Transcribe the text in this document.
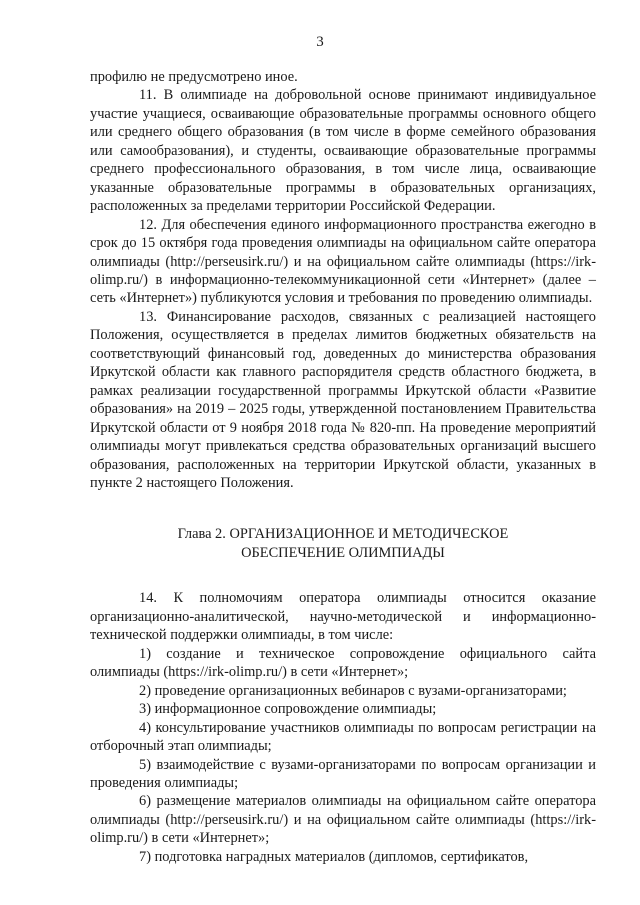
3

профилю не предусмотрено иное.

11. В олимпиаде на добровольной основе принимают индивидуальное участие учащиеся, осваивающие образовательные программы основного общего или среднего общего образования (в том числе в форме семейного образования или самообразования), и студенты, осваивающие образовательные программы среднего профессионального образования, в том числе лица, осваивающие указанные образовательные программы в образовательных организациях, расположенных за пределами территории Российской Федерации.

12. Для обеспечения единого информационного пространства ежегодно в срок до 15 октября года проведения олимпиады на официальном сайте оператора олимпиады (http://perseusirk.ru/) и на официальном сайте олимпиады (https://irk-olimp.ru/) в информационно-телекоммуникационной сети «Интернет» (далее – сеть «Интернет») публикуются условия и требования по проведению олимпиады.

13. Финансирование расходов, связанных с реализацией настоящего Положения, осуществляется в пределах лимитов бюджетных обязательств на соответствующий финансовый год, доведенных до министерства образования Иркутской области как главного распорядителя средств областного бюджета, в рамках реализации государственной программы Иркутской области «Развитие образования» на 2019 – 2025 годы, утвержденной постановлением Правительства Иркутской области от 9 ноября 2018 года № 820-пп. На проведение мероприятий олимпиады могут привлекаться средства образовательных организаций высшего образования, расположенных на территории Иркутской области, указанных в пункте 2 настоящего Положения.

Глава 2. ОРГАНИЗАЦИОННОЕ И МЕТОДИЧЕСКОЕ
ОБЕСПЕЧЕНИЕ ОЛИМПИАДЫ

14. К полномочиям оператора олимпиады относится оказание организационно-аналитической, научно-методической и информационно-технической поддержки олимпиады, в том числе:

1) создание и техническое сопровождение официального сайта олимпиады (https://irk-olimp.ru/) в сети «Интернет»;

2) проведение организационных вебинаров с вузами-организаторами;

3) информационное сопровождение олимпиады;

4) консультирование участников олимпиады по вопросам регистрации на отборочный этап олимпиады;

5) взаимодействие с вузами-организаторами по вопросам организации и проведения олимпиады;

6) размещение материалов олимпиады на официальном сайте оператора олимпиады (http://perseusirk.ru/) и на официальном сайте олимпиады (https://irk-olimp.ru/) в сети «Интернет»;

7) подготовка наградных материалов (дипломов, сертификатов,
